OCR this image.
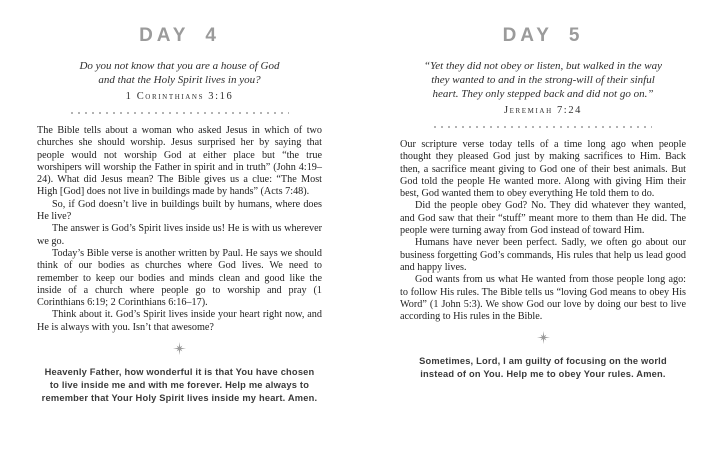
DAY 4
Do you not know that you are a house of God
and that the Holy Spirit lives in you?
1 Corinthians 3:16

The Bible tells about a woman who asked Jesus in which of two churches she should worship. Jesus surprised her by saying that people would not worship God at either place but “the true worshipers will worship the Father in spirit and in truth” (John 4:19–24). What did Jesus mean? The Bible gives us a clue: “The Most High [God] does not live in buildings made by hands” (Acts 7:48).

So, if God doesn’t live in buildings built by humans, where does He live?

The answer is God’s Spirit lives inside us! He is with us wherever we go.

Today’s Bible verse is another written by Paul. He says we should think of our bodies as churches where God lives. We need to remember to keep our bodies and minds clean and good like the inside of a church where people go to worship and pray (1 Corinthians 6:19; 2 Corinthians 6:16–17).

Think about it. God’s Spirit lives inside your heart right now, and He is always with you. Isn’t that awesome?

Heavenly Father, how wonderful it is that You have chosen
to live inside me and with me forever. Help me always to
remember that Your Holy Spirit lives inside my heart. Amen.
DAY 5
“Yet they did not obey or listen, but walked in the way
they wanted to and in the strong-will of their sinful
heart. They only stepped back and did not go on.”
Jeremiah 7:24

Our scripture verse today tells of a time long ago when people thought they pleased God just by making sacrifices to Him. Back then, a sacrifice meant giving to God one of their best animals. But God told the people He wanted more. Along with giving Him their best, God wanted them to obey everything He told them to do.

Did the people obey God? No. They did whatever they wanted, and God saw that their “stuff” meant more to them than He did. The people were turning away from God instead of toward Him.

Humans have never been perfect. Sadly, we often go about our business forgetting God’s commands, His rules that help us lead good and happy lives.

God wants from us what He wanted from those people long ago: to follow His rules. The Bible tells us “loving God means to obey His Word” (1 John 5:3). We show God our love by doing our best to live according to His rules in the Bible.

Sometimes, Lord, I am guilty of focusing on the world
instead of on You. Help me to obey Your rules. Amen.
